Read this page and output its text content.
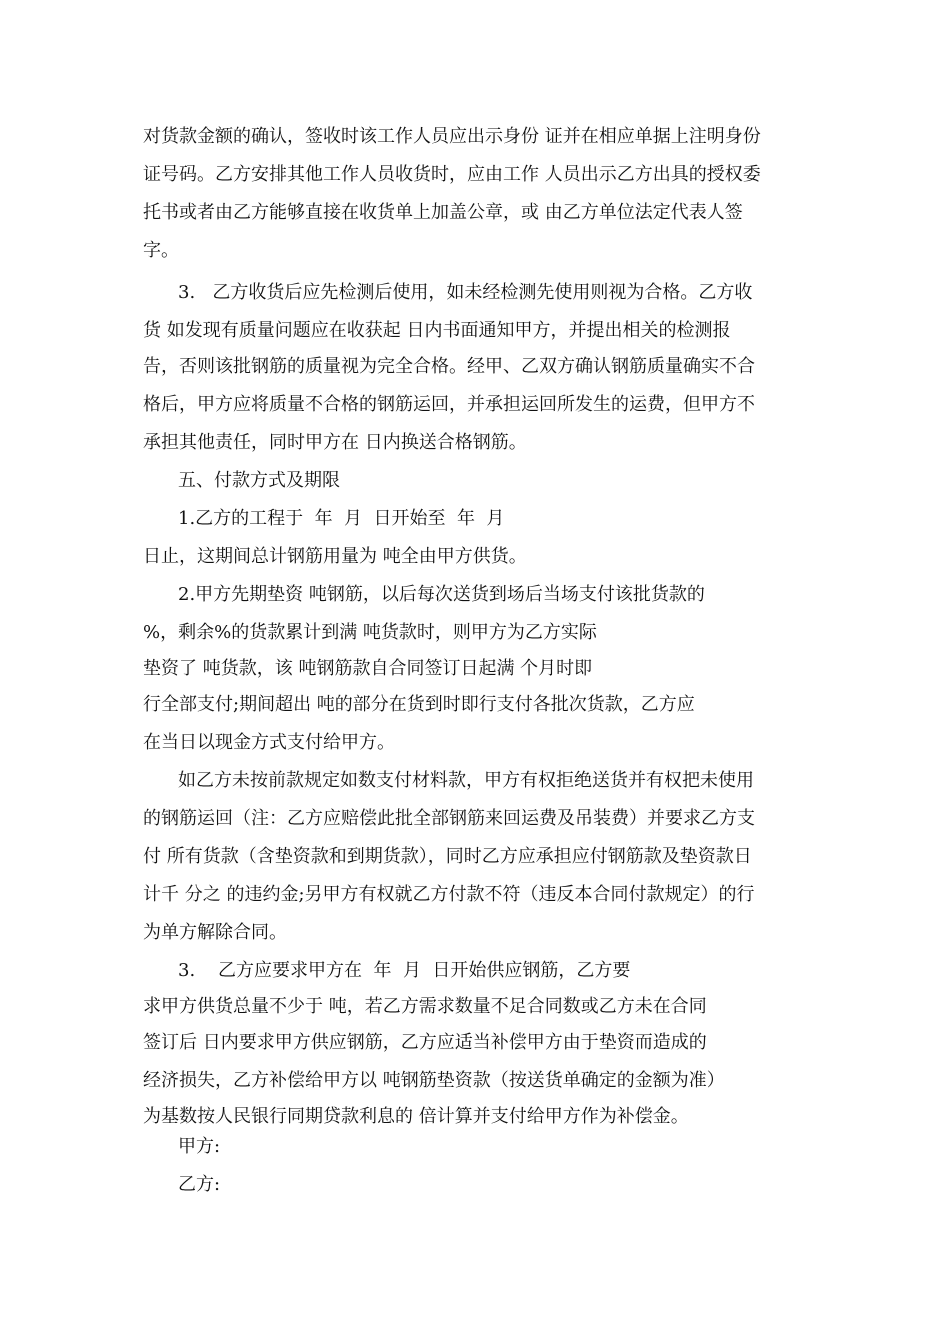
对货款金额的确认，签收时该工作人员应出示身份 证并在相应单据上注明身份
证号码。乙方安排其他工作人员收货时，应由工作 人员出示乙方出具的授权委
托书或者由乙方能够直接在收货单上加盖公章，或 由乙方单位法定代表人签
字。
3.   乙方收货后应先检测后使用，如未经检测先使用则视为合格。乙方收
货 如发现有质量问题应在收获起 日内书面通知甲方，并提出相关的检测报
告，否则该批钢筋的质量视为完全合格。经甲、乙双方确认钢筋质量确实不合
格后，甲方应将质量不合格的钢筋运回，并承担运回所发生的运费，但甲方不
承担其他责任，同时甲方在 日内换送合格钢筋。
五、付款方式及期限
1.乙方的工程于  年  月  日开始至  年  月
日止，这期间总计钢筋用量为 吨全由甲方供货。
2.甲方先期垫资 吨钢筋，以后每次送货到场后当场支付该批货款的
%，剩余%的货款累计到满 吨货款时，则甲方为乙方实际
垫资了 吨货款，该 吨钢筋款自合同签订日起满 个月时即
行全部支付;期间超出 吨的部分在货到时即行支付各批次货款，乙方应
在当日以现金方式支付给甲方。
如乙方未按前款规定如数支付材料款，甲方有权拒绝送货并有权把未使用
的钢筋运回（注：乙方应赔偿此批全部钢筋来回运费及吊装费）并要求乙方支
付 所有货款（含垫资款和到期货款），同时乙方应承担应付钢筋款及垫资款日
计千 分之 的违约金;另甲方有权就乙方付款不符（违反本合同付款规定）的行
为单方解除合同。
3.    乙方应要求甲方在  年  月  日开始供应钢筋，乙方要
求甲方供货总量不少于 吨，若乙方需求数量不足合同数或乙方未在合同
签订后 日内要求甲方供应钢筋，乙方应适当补偿甲方由于垫资而造成的
经济损失，乙方补偿给甲方以 吨钢筋垫资款（按送货单确定的金额为准）
为基数按人民银行同期贷款利息的 倍计算并支付给甲方作为补偿金。
甲方:
乙方:
